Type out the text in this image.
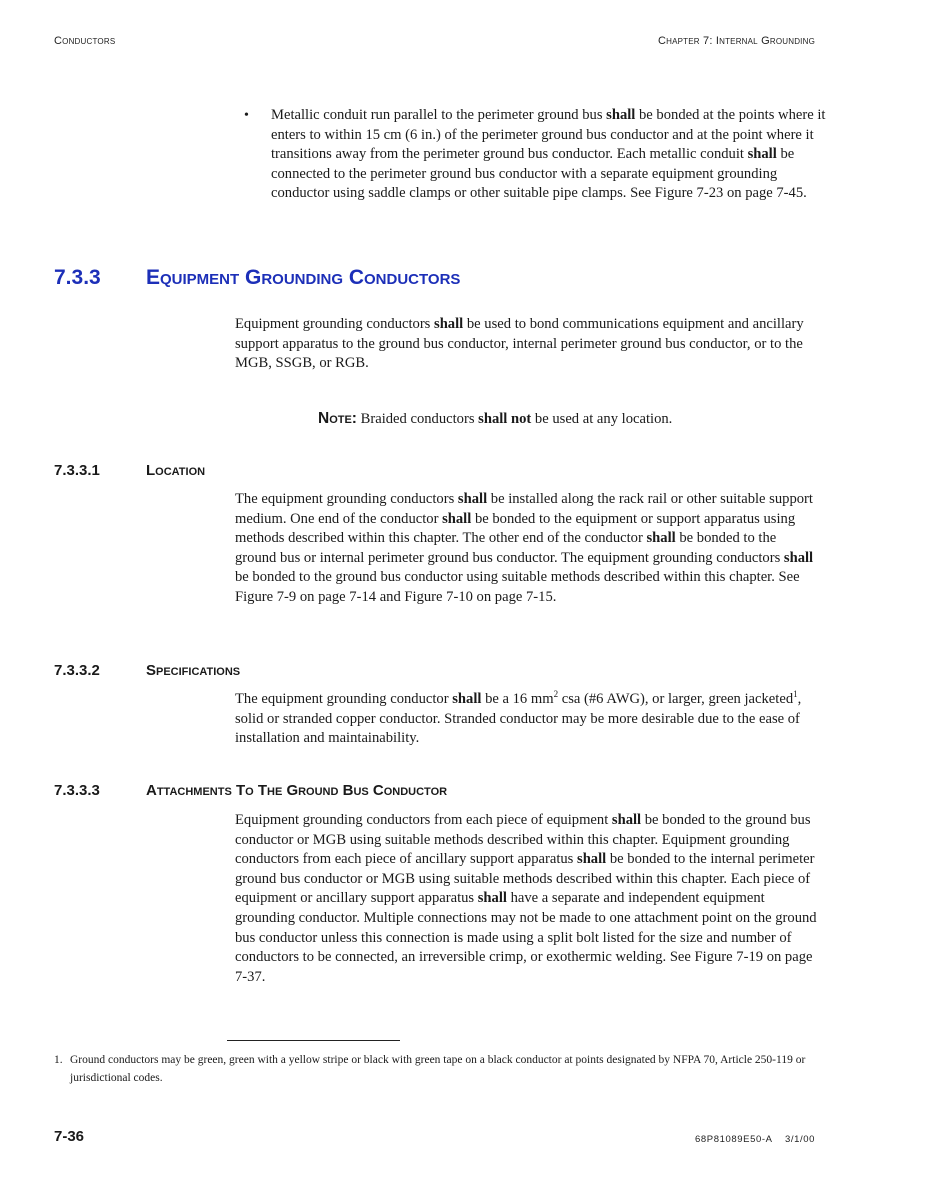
Conductors	Chapter 7: Internal Grounding
• Metallic conduit run parallel to the perimeter ground bus shall be bonded at the points where it enters to within 15 cm (6 in.) of the perimeter ground bus conductor and at the point where it transitions away from the perimeter ground bus conductor. Each metallic conduit shall be connected to the perimeter ground bus conductor with a separate equipment grounding conductor using saddle clamps or other suitable pipe clamps. See Figure 7-23 on page 7-45.
7.3.3 Equipment Grounding Conductors
Equipment grounding conductors shall be used to bond communications equipment and ancillary support apparatus to the ground bus conductor, internal perimeter ground bus conductor, or to the MGB, SSGB, or RGB.
Note: Braided conductors shall not be used at any location.
7.3.3.1	Location
The equipment grounding conductors shall be installed along the rack rail or other suitable support medium. One end of the conductor shall be bonded to the equipment or support apparatus using methods described within this chapter. The other end of the conductor shall be bonded to the ground bus or internal perimeter ground bus conductor. The equipment grounding conductors shall be bonded to the ground bus conductor using suitable methods described within this chapter. See Figure 7-9 on page 7-14 and Figure 7-10 on page 7-15.
7.3.3.2	Specifications
The equipment grounding conductor shall be a 16 $mm^2$ csa (#6 AWG), or larger, green jacketed$^1$, solid or stranded copper conductor. Stranded conductor may be more desirable due to the ease of installation and maintainability.
7.3.3.3	Attachments To The Ground Bus Conductor
Equipment grounding conductors from each piece of equipment shall be bonded to the ground bus conductor or MGB using suitable methods described within this chapter. Equipment grounding conductors from each piece of ancillary support apparatus shall be bonded to the internal perimeter ground bus conductor or MGB using suitable methods described within this chapter. Each piece of equipment or ancillary support apparatus shall have a separate and independent equipment grounding conductor. Multiple connections may not be made to one attachment point on the ground bus conductor unless this connection is made using a split bolt listed for the size and number of conductors to be connected, an irreversible crimp, or exothermic welding. See Figure 7-19 on page 7-37.
1. Ground conductors may be green, green with a yellow stripe or black with green tape on a black conductor at points designated by NFPA 70, Article 250-119 or jurisdictional codes.
7-36	68P81089E50-A    3/1/00
